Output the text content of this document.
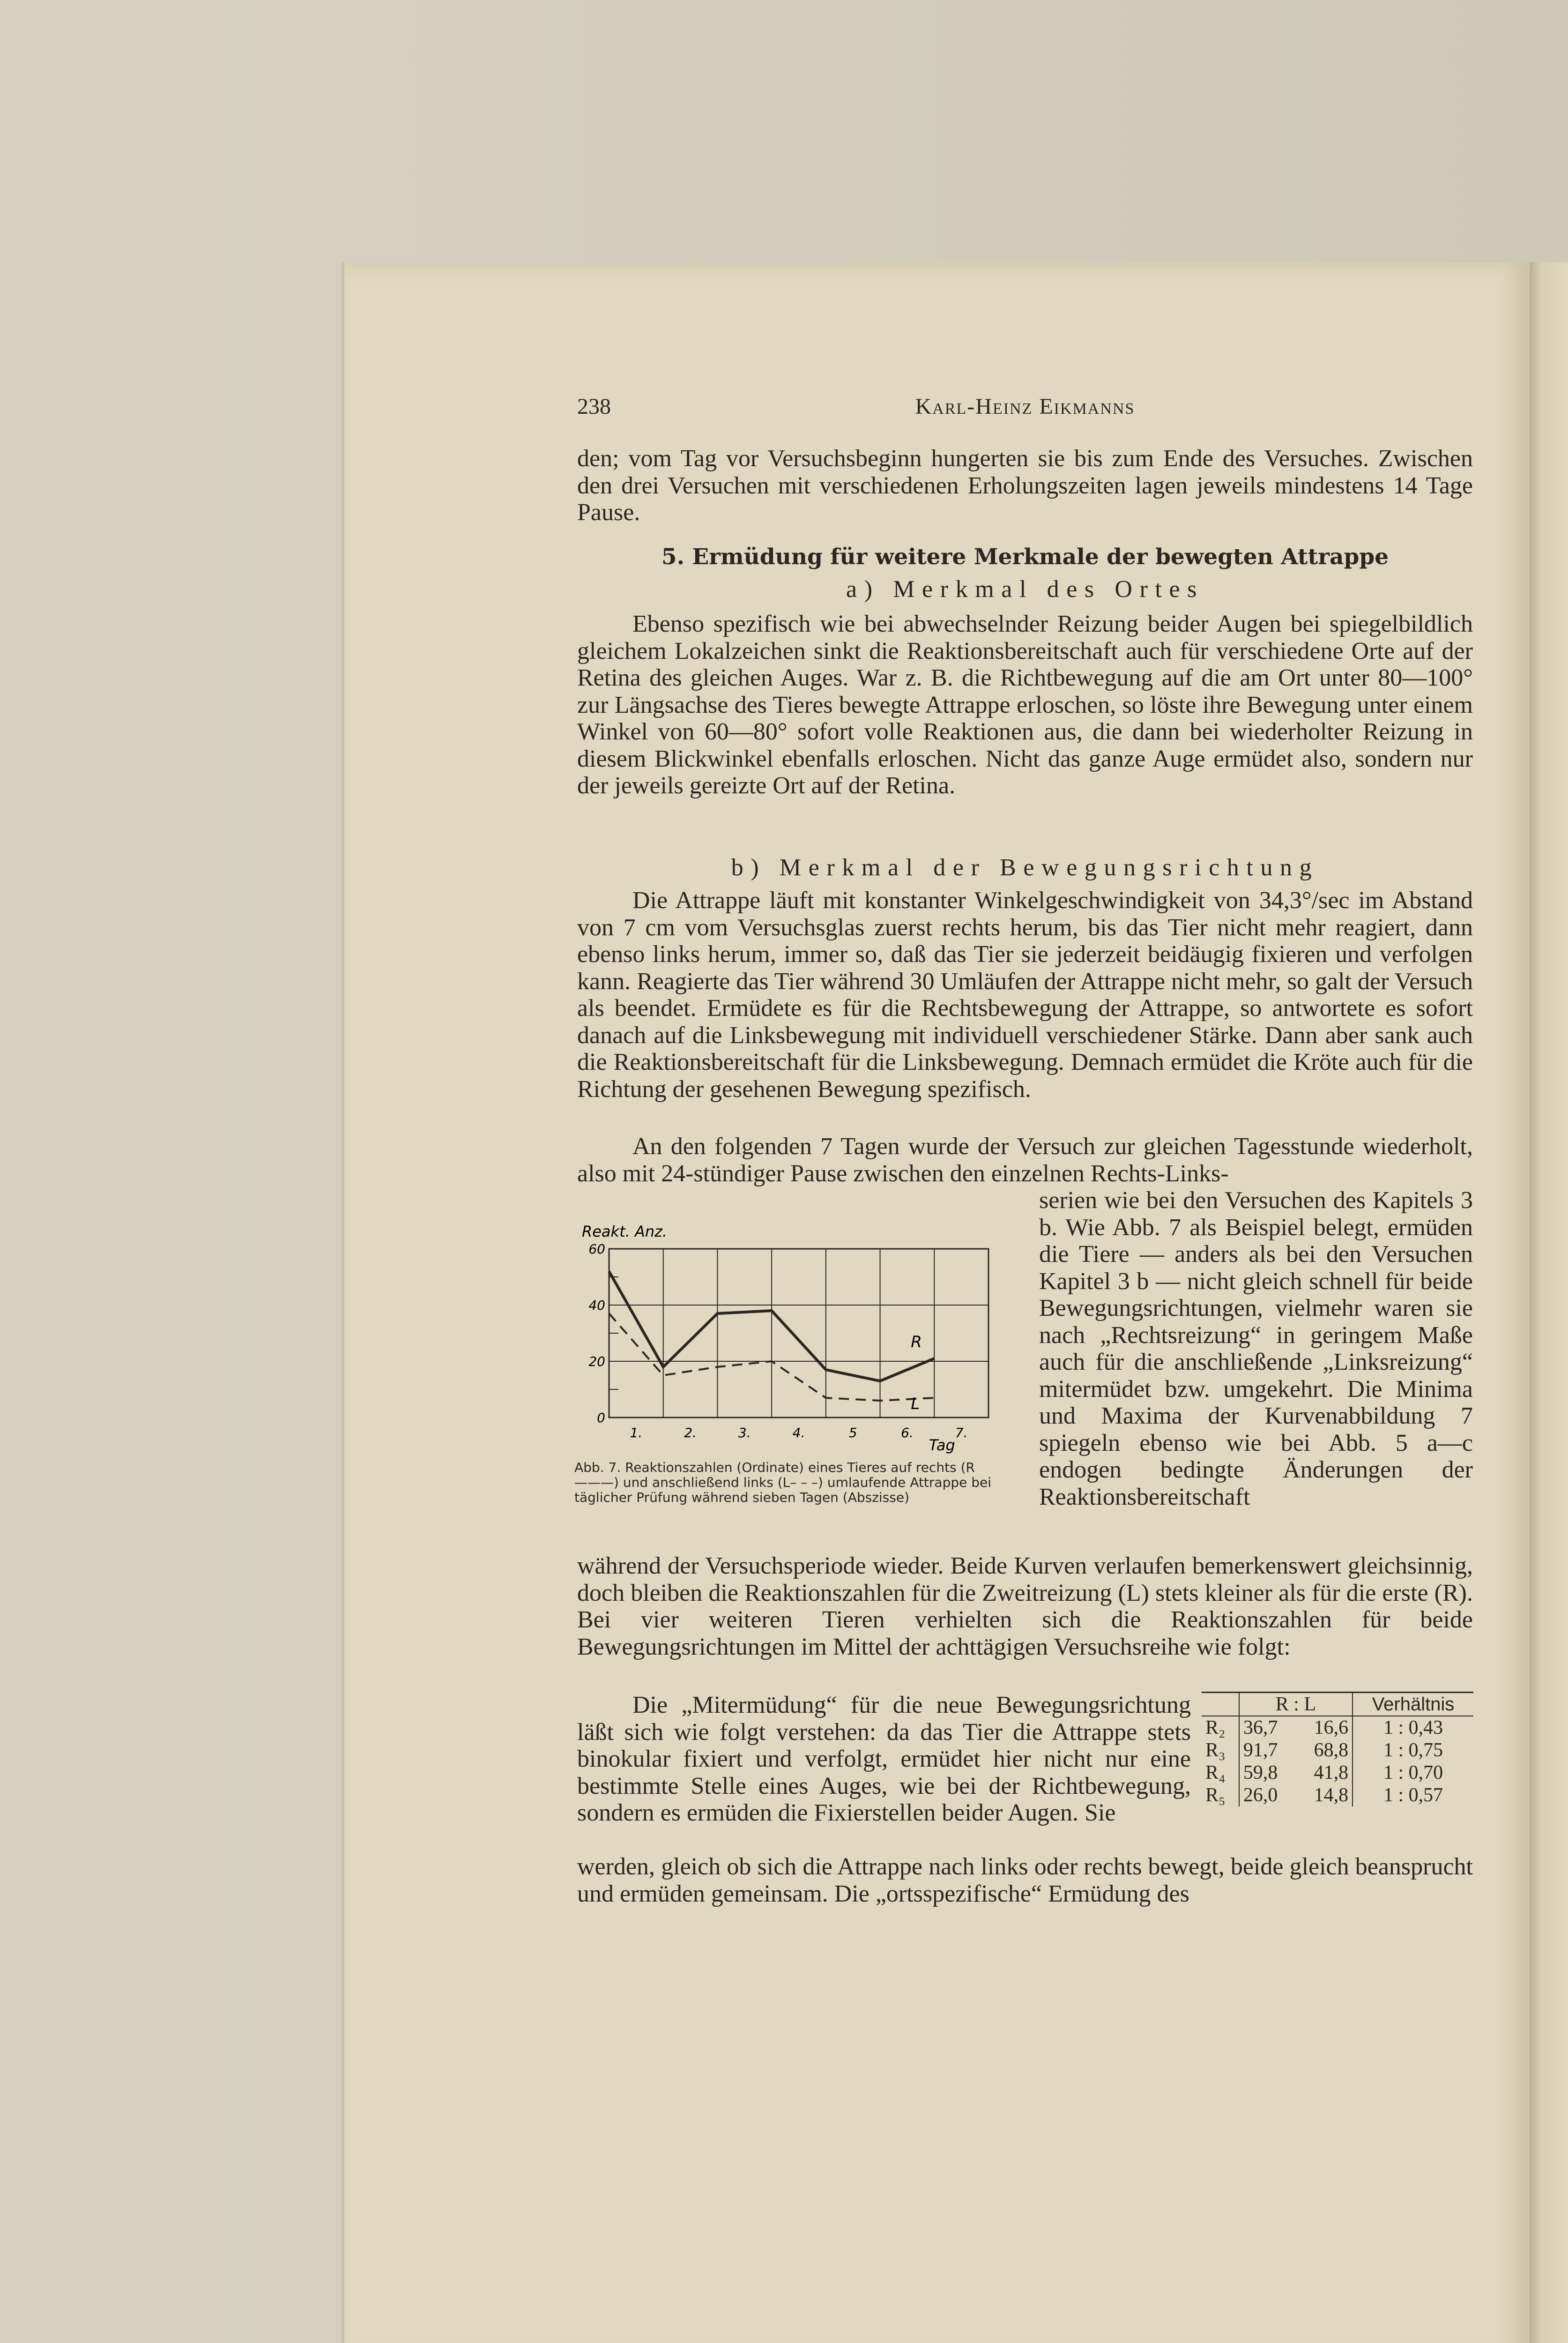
238	Karl-Heinz Eikmanns

den; vom Tag vor Versuchsbeginn hungerten sie bis zum Ende des Versuches. Zwischen den drei Versuchen mit verschiedenen Erholungszeiten lagen jeweils mindestens 14 Tage Pause.

5. Ermüdung für weitere Merkmale der bewegten Attrappe
a) Merkmal des Ortes

Ebenso spezifisch wie bei abwechselnder Reizung beider Augen bei spiegelbildlich gleichem Lokalzeichen sinkt die Reaktionsbereitschaft auch für verschiedene Orte auf der Retina des gleichen Auges. War z. B. die Richtbewegung auf die am Ort unter 80—100° zur Längsachse des Tieres bewegte Attrappe erloschen, so löste ihre Bewegung unter einem Winkel von 60—80° sofort volle Reaktionen aus, die dann bei wiederholter Reizung in diesem Blickwinkel ebenfalls erloschen. Nicht das ganze Auge ermüdet also, sondern nur der jeweils gereizte Ort auf der Retina.

b) Merkmal der Bewegungsrichtung

Die Attrappe läuft mit konstanter Winkelgeschwindigkeit von 34,3°/sec im Abstand von 7 cm vom Versuchsglas zuerst rechts herum, bis das Tier nicht mehr reagiert, dann ebenso links herum, immer so, daß das Tier sie jederzeit beidäugig fixieren und verfolgen kann. Reagierte das Tier während 30 Umläufen der Attrappe nicht mehr, so galt der Versuch als beendet. Ermüdete es für die Rechtsbewegung der Attrappe, so antwortete es sofort danach auf die Linksbewegung mit individuell verschiedener Stärke. Dann aber sank auch die Reaktionsbereitschaft für die Linksbewegung. Demnach ermüdet die Kröte auch für die Richtung der gesehenen Bewegung spezifisch.

An den folgenden 7 Tagen wurde der Versuch zur gleichen Tagesstunde wiederholt, also mit 24-stündiger Pause zwischen den einzelnen Rechts-Links-

Reakt. Anz.
60
40
20
0
1.	2.	3.	4.	5	6.	7.
Tag
R
L
Abb. 7. Reaktionszahlen (Ordinate) eines Tieres auf rechts (R———) und anschließend links (L– – –) umlaufende Attrappe bei täglicher Prüfung während sieben Tagen (Abszisse)

serien wie bei den Versuchen des Kapitels 3 b. Wie Abb. 7 als Beispiel belegt, ermüden die Tiere — anders als bei den Versuchen Kapitel 3 b — nicht gleich schnell für beide Bewegungsrichtungen, vielmehr waren sie nach „Rechtsreizung“ in geringem Maße auch für die anschließende „Linksreizung“ mitermüdet bzw. umgekehrt. Die Minima und Maxima der Kurvenabbildung 7 spiegeln ebenso wie bei Abb. 5 a—c endogen bedingte Änderungen der Reaktionsbereitschaft

während der Versuchsperiode wieder. Beide Kurven verlaufen bemerkenswert gleichsinnig, doch bleiben die Reaktionszahlen für die Zweitreizung (L) stets kleiner als für die erste (R). Bei vier weiteren Tieren verhielten sich die Reaktionszahlen für beide Bewegungsrichtungen im Mittel der achttägigen Versuchsreihe wie folgt:

Die „Mitermüdung“ für die neue Bewegungsrichtung läßt sich wie folgt verstehen: da das Tier die Attrappe stets binokular fixiert und verfolgt, ermüdet hier nicht nur eine bestimmte Stelle eines Auges, wie bei der Richtbewegung, sondern es ermüden die Fixierstellen beider Augen. Sie

	R : L		Verhältnis

R₂	36,7	16,6	1 : 0,43
R₃	91,7	68,8	1 : 0,75
R₄	59,8	41,8	1 : 0,70
R₅	26,0	14,8	1 : 0,57

werden, gleich ob sich die Attrappe nach links oder rechts bewegt, beide gleich beansprucht und ermüden gemeinsam. Die „ortsspezifische“ Ermüdung des
